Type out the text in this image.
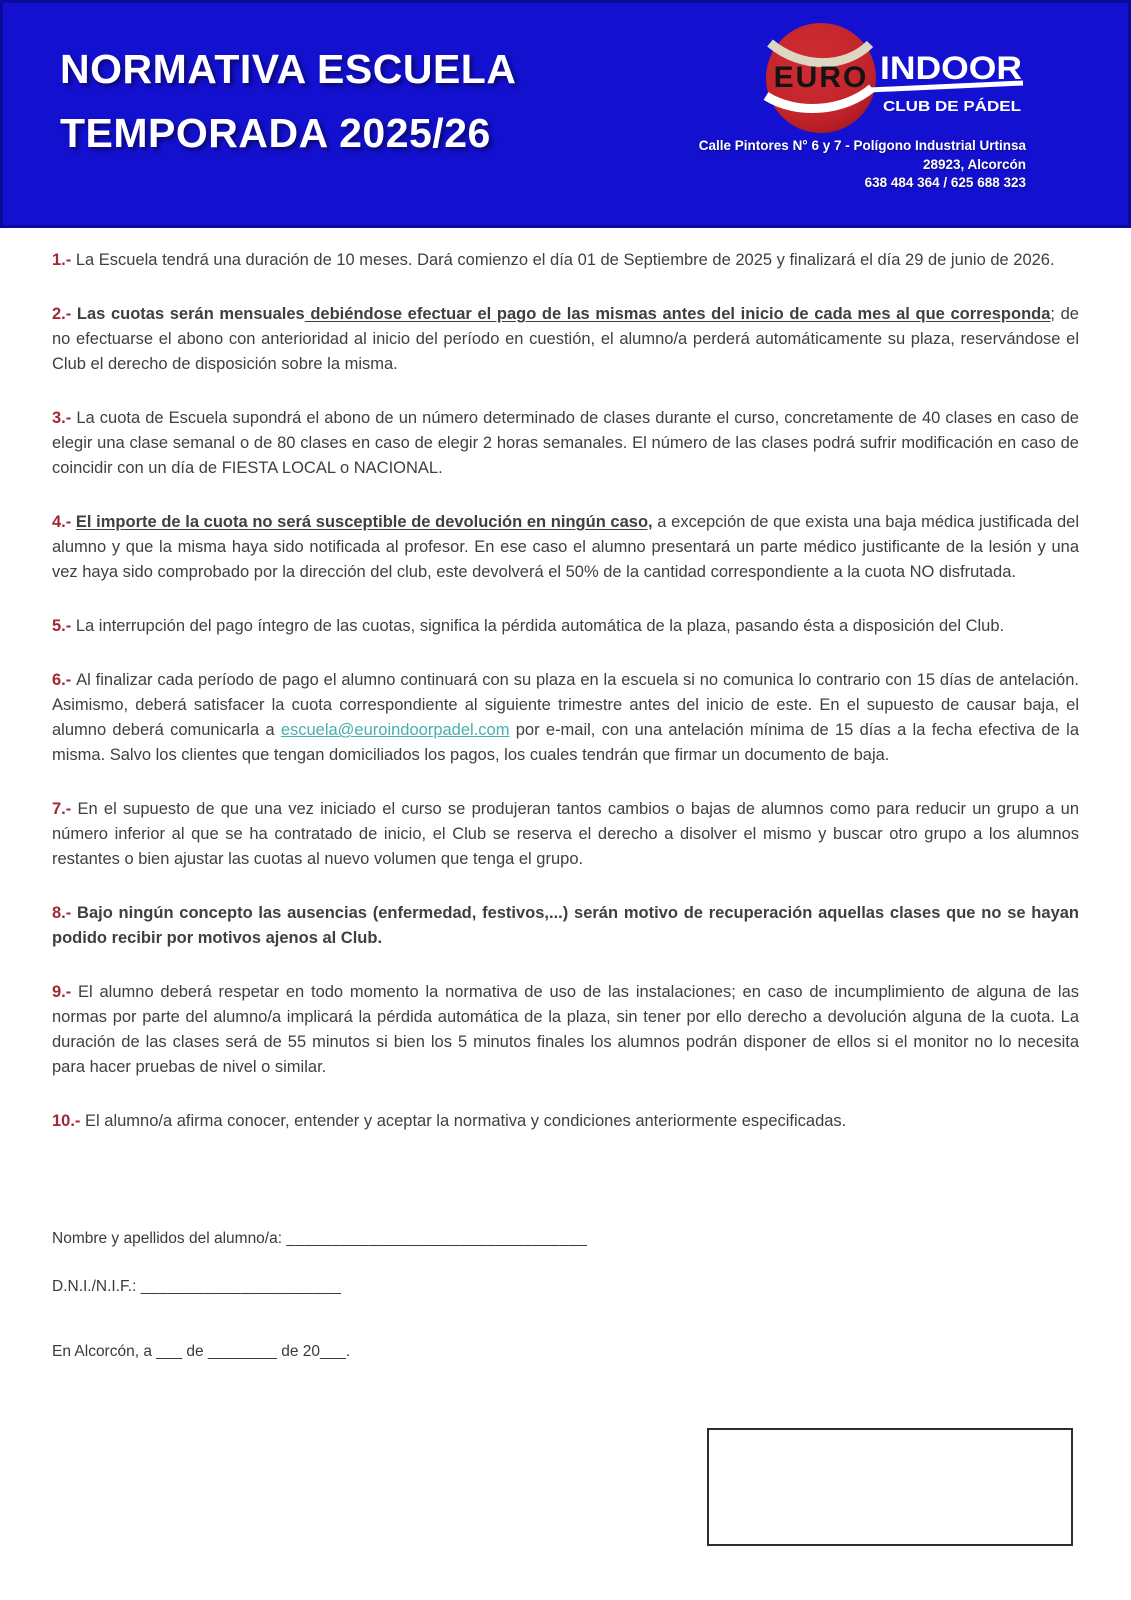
NORMATIVA ESCUELA
TEMPORADA 2025/26
EURO INDOOR
CLUB DE PÁDEL
Calle Pintores N° 6 y 7 - Polígono Industrial Urtinsa
28923, Alcorcón
638 484 364 / 625 688 323

1.- La Escuela tendrá una duración de 10 meses. Dará comienzo el día 01 de Septiembre de 2025 y finalizará el día 29 de junio de 2026.

2.- Las cuotas serán mensuales debiéndose efectuar el pago de las mismas antes del inicio de cada mes al que corresponda; de no efectuarse el abono con anterioridad al inicio del período en cuestión, el alumno/a perderá automáticamente su plaza, reservándose el Club el derecho de disposición sobre la misma.

3.- La cuota de Escuela supondrá el abono de un número determinado de clases durante el curso, concretamente de 40 clases en caso de elegir una clase semanal o de 80 clases en caso de elegir 2 horas semanales. El número de las clases podrá sufrir modificación en caso de coincidir con un día de FIESTA LOCAL o NACIONAL.

4.- El importe de la cuota no será susceptible de devolución en ningún caso, a excepción de que exista una baja médica justificada del alumno y que la misma haya sido notificada al profesor. En ese caso el alumno presentará un parte médico justificante de la lesión y una vez haya sido comprobado por la dirección del club, este devolverá el 50% de la cantidad correspondiente a la cuota NO disfrutada.

5.- La interrupción del pago íntegro de las cuotas, significa la pérdida automática de la plaza, pasando ésta a disposición del Club.

6.- Al finalizar cada período de pago el alumno continuará con su plaza en la escuela si no comunica lo contrario con 15 días de antelación. Asimismo, deberá satisfacer la cuota correspondiente al siguiente trimestre antes del inicio de este. En el supuesto de causar baja, el alumno deberá comunicarla a escuela@euroindoorpadel.com por e-mail, con una antelación mínima de 15 días a la fecha efectiva de la misma. Salvo los clientes que tengan domiciliados los pagos, los cuales tendrán que firmar un documento de baja.

7.- En el supuesto de que una vez iniciado el curso se produjeran tantos cambios o bajas de alumnos como para reducir un grupo a un número inferior al que se ha contratado de inicio, el Club se reserva el derecho a disolver el mismo y buscar otro grupo a los alumnos restantes o bien ajustar las cuotas al nuevo volumen que tenga el grupo.

8.- Bajo ningún concepto las ausencias (enfermedad, festivos,...) serán motivo de recuperación aquellas clases que no se hayan podido recibir por motivos ajenos al Club.

9.- El alumno deberá respetar en todo momento la normativa de uso de las instalaciones; en caso de incumplimiento de alguna de las normas por parte del alumno/a implicará la pérdida automática de la plaza, sin tener por ello derecho a devolución alguna de la cuota. La duración de las clases será de 55 minutos si bien los 5 minutos finales los alumnos podrán disponer de ellos si el monitor no lo necesita para hacer pruebas de nivel o similar.

10.- El alumno/a afirma conocer, entender y aceptar la normativa y condiciones anteriormente especificadas.

Nombre y apellidos del alumno/a: _________________________________
D.N.I./N.I.F.: ______________________
En Alcorcón, a ___ de ________ de 20___.
